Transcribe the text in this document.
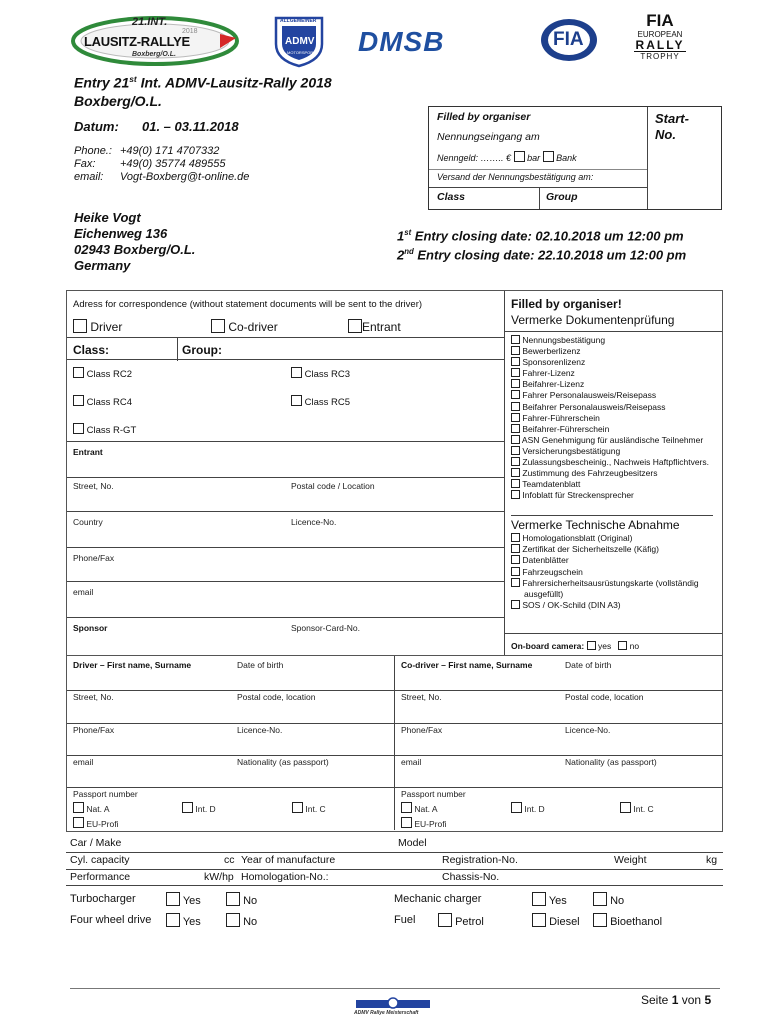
21.INT.
2018
LAUSITZ-RALLYE
Boxberg/O.L.
ALLGEMEINER
ADMV
MOTORSPORT DMSB	FIA
FIA
EUROPEAN
RALLY
TROPHY
Entry 21st Int. ADMV-Lausitz-Rally 2018
Boxberg/O.L.
Datum: 01. – 03.11.2018
Phone.: +49(0) 171 4707332
Fax: +49(0) 35774 489555
email: Vogt-Boxberg@t-online.de
Filled by organiser
Nennungseingang am
Nenngeld: …….. € bar Bank
Versand der Nennungsbestätigung am:
Class	Group
Start-
No.
Heike Vogt
Eichenweg 136
02943 Boxberg/O.L.
Germany
1st Entry closing date: 02.10.2018 um 12:00 pm
2nd Entry closing date: 22.10.2018 um 12:00 pm
Adress for correspondence (without statement documents will be sent to the driver)
Driver	Co-driver	Entrant
Class:	Group:
Class RC2	Class RC3
Class RC4	Class RC5
Class R-GT
Entrant
Street, No.	Postal code / Location
Country	Licence-No.
Phone/Fax
email
Sponsor	Sponsor-Card-No.
Filled by organiser!
Vermerke Dokumentenprüfung
Nennungsbestätigung
Bewerberlizenz
Sponsorenlizenz
Fahrer-Lizenz
Beifahrer-Lizenz
Fahrer Personalausweis/Reisepass
Beifahrer Personalausweis/Reisepass
Fahrer-Führerschein
Beifahrer-Führerschein
ASN Genehmigung für ausländische Teilnehmer
Versicherungsbestätigung
Zulassungsbescheinig., Nachweis Haftpflichtvers.
Zustimmung des Fahrzeugbesitzers
Teamdatenblatt
Infoblatt für Streckensprecher
Vermerke Technische Abnahme
Homologationsblatt (Original)
Zertifikat der Sicherheitszelle (Käfig)
Datenblätter
Fahrzeugschein
Fahrersicherheitsausrüstungskarte (vollständig
ausgefüllt)
SOS / OK-Schild (DIN A3)
On-board camera: yes no
Driver – First name, Surname	Date of birth
Street, No.	Postal code, location
Phone/Fax	Licence-No.
email	Nationality (as passport)
Passport number
Nat. A	Int. D	Int. C
EU-Profi
Co-driver – First name, Surname	Date of birth
Street, No.	Postal code, location
Phone/Fax	Licence-No.
email	Nationality (as passport)
Passport number
Nat. A	Int. D	Int. C
EU-Profi
Car / Make	Model
Cyl. capacity	cc Year of manufacture	Registration-No.	Weight	kg
Performance	kW/hp Homologation-No.:	Chassis-No.
Turbocharger	Yes	No	Mechanic charger	Yes	No
Four wheel drive	Yes	No	Fuel	Petrol	Diesel	Bioethanol
ADMV Rallye Meisterschaft
Seite 1 von 5
